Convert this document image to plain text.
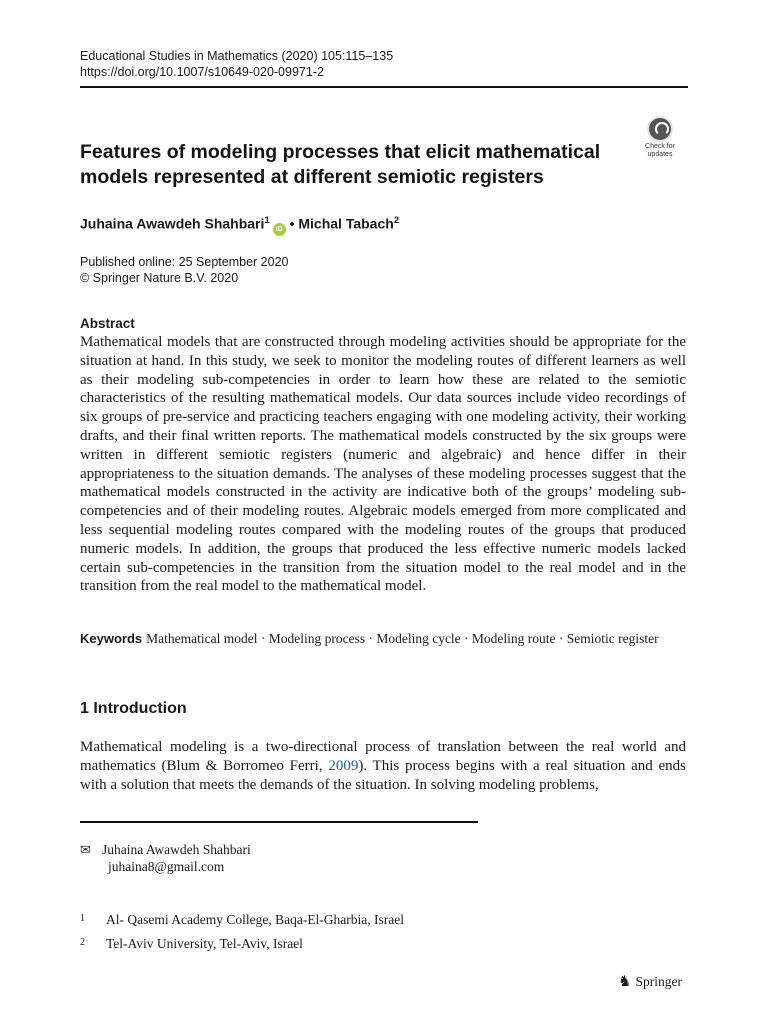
Educational Studies in Mathematics (2020) 105:115–135
https://doi.org/10.1007/s10649-020-09971-2
Check for
updates
Features of modeling processes that elicit mathematical
models represented at different semiotic registers
Juhaina Awawdeh Shahbari$^1$iD • Michal Tabach$^2$
Published online: 25 September 2020
© Springer Nature B.V. 2020
Abstract
Mathematical models that are constructed through modeling activities should be appropriate for the situation at hand. In this study, we seek to monitor the modeling routes of different learners as well as their modeling sub-competencies in order to learn how these are related to the semiotic characteristics of the resulting mathematical models. Our data sources include video recordings of six groups of pre-service and practicing teachers engaging with one modeling activity, their working drafts, and their final written reports. The mathematical models constructed by the six groups were written in different semiotic registers (numeric and algebraic) and hence differ in their appropriateness to the situation demands. The analyses of these modeling processes suggest that the mathematical models constructed in the activity are indicative both of the groups’ modeling sub-competencies and of their modeling routes. Algebraic models emerged from more complicated and less sequential modeling routes compared with the modeling routes of the groups that produced numeric models. In addition, the groups that produced the less effective numeric models lacked certain sub-competencies in the transition from the situation model to the real model and in the transition from the real model to the mathematical model.
Keywords Mathematical model · Modeling process · Modeling cycle · Modeling route · Semiotic register
1 Introduction
Mathematical modeling is a two-directional process of translation between the real world and mathematics (Blum & Borromeo Ferri, 2009). This process begins with a real situation and ends with a solution that meets the demands of the situation. In solving modeling problems,
✉ Juhaina Awawdeh Shahbari
juhaina8@gmail.com
1 Al- Qasemi Academy College, Baqa-El-Gharbia, Israel
2 Tel-Aviv University, Tel-Aviv, Israel
♞ Springer
